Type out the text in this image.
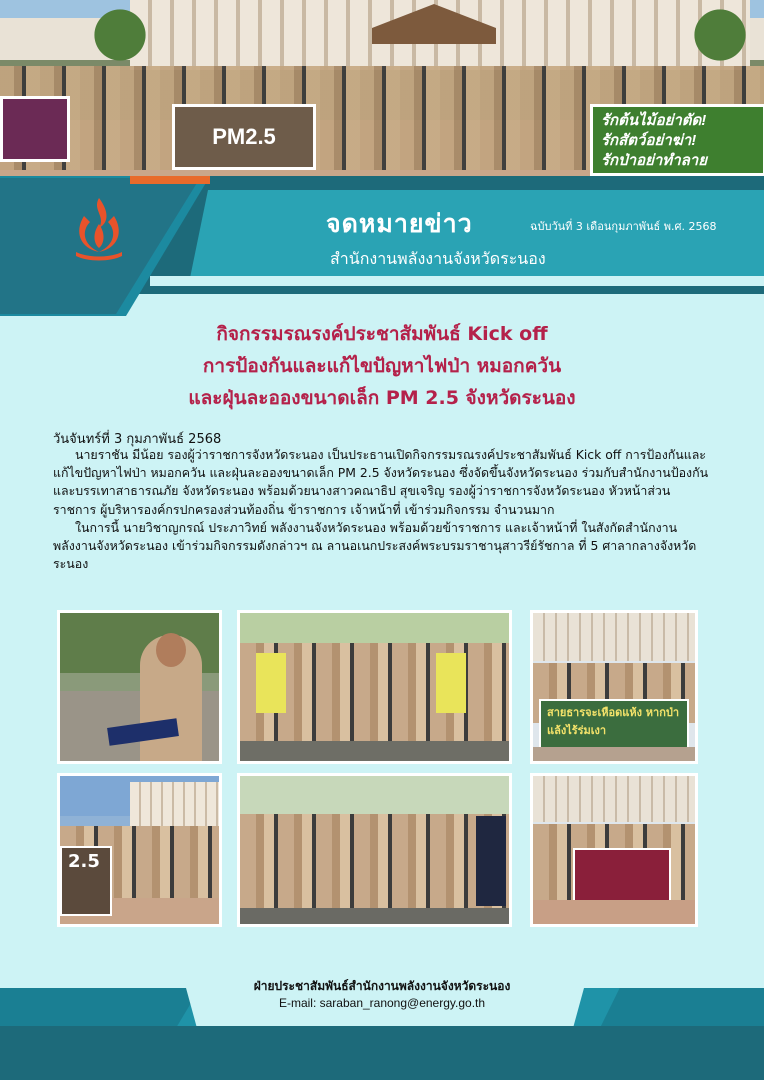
PM2.5
รักต้นไม้อย่าตัด!
รักสัตว์อย่าฆ่า!
รักป่าอย่าทำลาย
จดหมายข่าว	ฉบับวันที่ 3 เดือนกุมภาพันธ์ พ.ศ. 2568
สำนักงานพลังงานจังหวัดระนอง
กิจกรรมรณรงค์ประชาสัมพันธ์ Kick off
การป้องกันและแก้ไขปัญหาไฟป่า หมอกควัน
และฝุ่นละอองขนาดเล็ก PM 2.5 จังหวัดระนอง
วันจันทร์ที่ 3 กุมภาพันธ์ 2568

นายราชัน มีน้อย รองผู้ว่าราชการจังหวัดระนอง เป็นประธานเปิดกิจกรรมรณรงค์ประชาสัมพันธ์ Kick off การป้องกันและแก้ไขปัญหาไฟป่า หมอกควัน และฝุ่นละอองขนาดเล็ก PM 2.5 จังหวัดระนอง ซึ่งจัดขึ้นจังหวัดระนอง ร่วมกับสำนักงานป้องกันและบรรเทาสาธารณภัย จังหวัดระนอง พร้อมด้วยนางสาวคณาธิป สุขเจริญ รองผู้ว่าราชการจังหวัดระนอง หัวหน้าส่วนราชการ ผู้บริหารองค์กรปกครองส่วนท้องถิ่น ข้าราชการ เจ้าหน้าที่ เข้าร่วมกิจกรรม จำนวนมาก

ในการนี้ นายวิชาญกรณ์ ประภาวิทย์ พลังงานจังหวัดระนอง พร้อมด้วยข้าราชการ และเจ้าหน้าที่ ในสังกัดสำนักงานพลังงานจังหวัดระนอง เข้าร่วมกิจกรรมดังกล่าวฯ ณ ลานอเนกประสงค์พระบรมราชานุสาวรีย์รัชกาล ที่ 5 ศาลากลางจังหวัดระนอง

สายธารจะเหือดแห้ง หากป่าแล้งไร้ร่มเงา
2.5
ฝ่ายประชาสัมพันธ์สำนักงานพลังงานจังหวัดระนอง
E-mail: saraban_ranong@energy.go.th
